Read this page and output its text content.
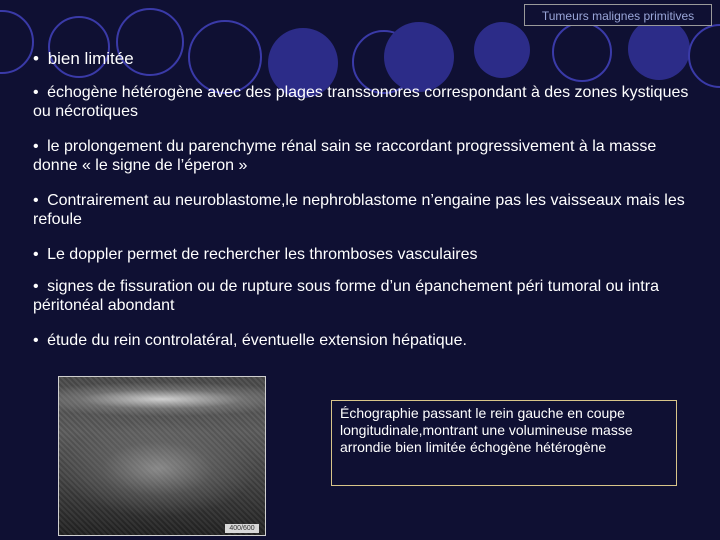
Tumeurs malignes primitives

• bien limitée

• échogène hétérogène avec des plages transsonores correspondant à des zones kystiques ou nécrotiques

• le prolongement du parenchyme rénal sain se raccordant progressivement à la masse donne « le signe de l’éperon »

• Contrairement au neuroblastome,le nephroblastome n’engaine pas les vaisseaux mais les refoule

• Le doppler permet de rechercher les thromboses vasculaires

• signes de fissuration ou de rupture sous forme d’un épanchement péri tumoral ou intra péritonéal abondant

• étude du rein controlatéral, éventuelle extension hépatique.

400/600
Échographie passant le rein gauche en coupe longitudinale,montrant une volumineuse masse arrondie bien limitée échogène hétérogène
